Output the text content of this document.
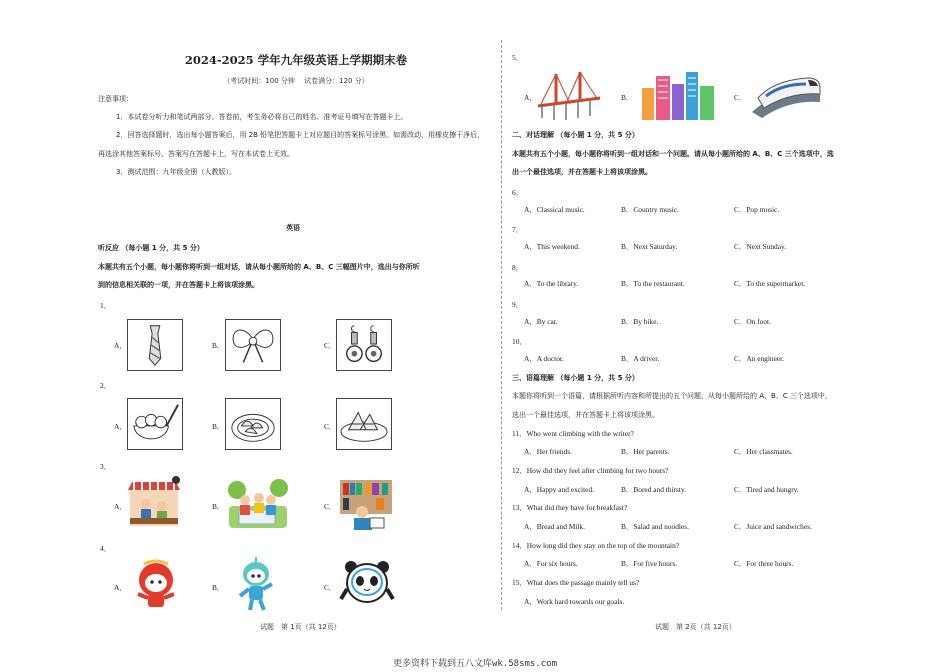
2024-2025 学年九年级英语上学期期末卷
（考试时间：100 分钟　 试卷满分：120 分）
注意事项：
1．本试卷分听力和笔试两部分。答卷前，考生务必将自己的姓名、准考证号填写在答题卡上。
2．回答选择题时，选出每小题答案后，用 2B 铅笔把答题卡上对应题目的答案标号涂黑。如需改动，用橡皮擦干净后，
再选涂其他答案标号。答案写在答题卡上，写在本试卷上无效。
3．测试范围：九年级全册（人教版）。
英语
听反应 （每小题 1 分，共 5 分）
本题共有五个小题，每小题你将听到一组对话，请从每小题所给的 A、B、C 三幅图片中，选出与你所听
到的信息相关联的一项，并在答题卡上将该项涂黑。
1．
A．	B．	C．
2．
A．	B．	C．
3．
A．	B．	C．
4．
A．	B．	C．
试题　第 1页（共 12页）
5．
A．	B．	C．
二、对话理解 （每小题 1 分，共 5 分）
本题共有五个小题，每小题你将听到一组对话和一个问题。请从每小题所给的 A、B、C 三个选项中，选
出一个最佳选项，并在答题卡上将该项涂黑。
6．
A．Classical music.	B．Country music.	C．Pop music.
7．
A．This weekend.	B．Next Saturday.	C．Next Sunday.
8．
A．To the library.	B．To the restaurant.	C．To the supermarket.
9．
A．By car.	B．By bike.	C．On foot.
10．
A．A doctor.	B．A driver.	C．An engineer.
三、语篇理解 （每小题 1 分，共 5 分）
本题你将听到一个语篇，请根据所听内容和所提出的五个问题，从每小题所给的 A、B、C 三个选项中，
选出一个最佳选项，并在答题卡上将该项涂黑。
11．Who went climbing with the writer?
A．Her friends.	B．Her parents.	C．Her classmates.
12．How did they feel after climbing for two hours?
A．Happy and excited.	B．Bored and thirsty.	C．Tired and hungry.
13．What did they have for breakfast?
A．Bread and Milk.	B．Salad and noodles.	C．Juice and sandwiches.
14．How long did they stay on the top of the mountain?
A．For six hours.	B．For five hours.	C．For three hours.
15．What does the passage mainly tell us?
A．Work hard towards our goals.
试题　第 2页（共 12页）
更多资料下载到五八文库wk.58sms.com
